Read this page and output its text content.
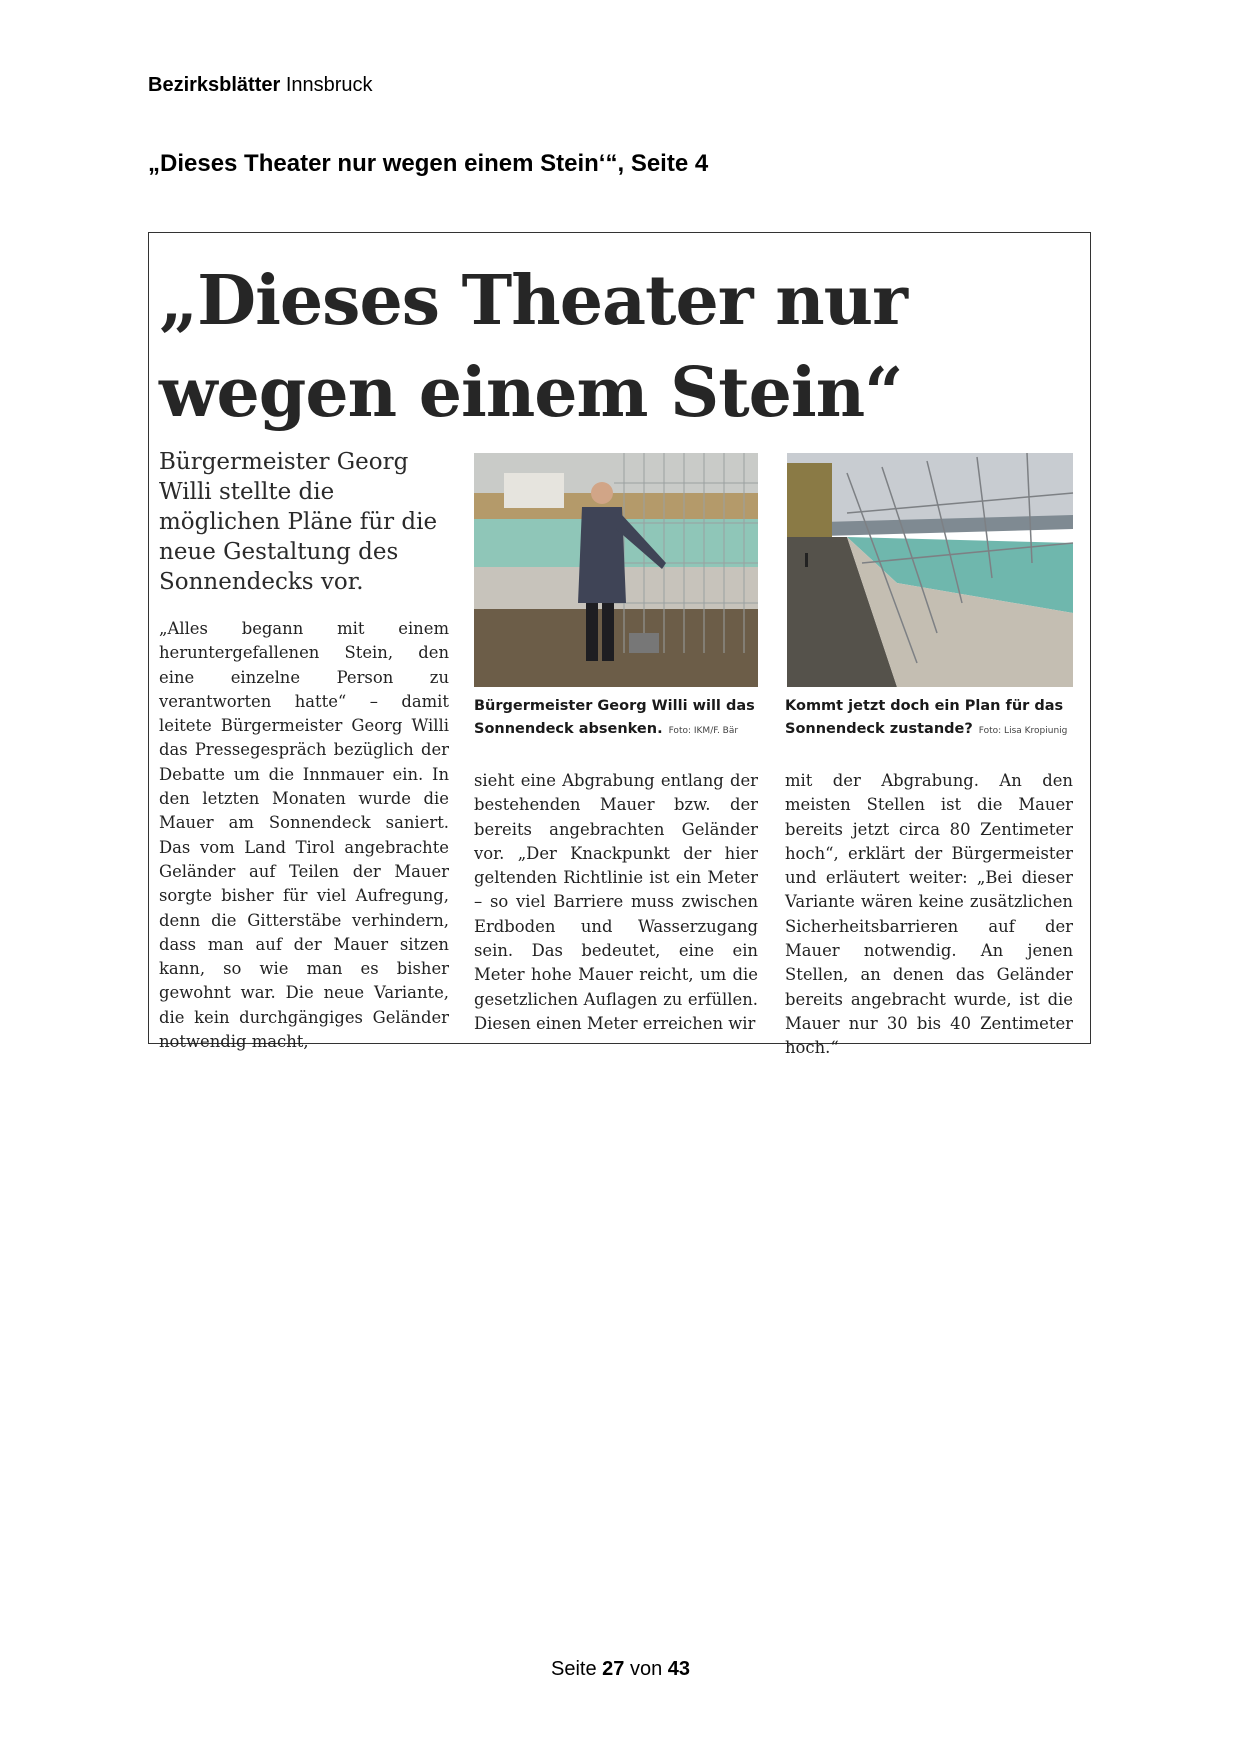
Bezirksblätter Innsbruck
„Dieses Theater nur wegen einem Stein‘“, Seite 4
„Dieses Theater nur
wegen einem Stein“
Bürgermeister Georg Willi stellte die möglichen Pläne für die neue Gestaltung des Sonnendecks vor.
„Alles begann mit einem heruntergefallenen Stein, den eine einzelne Person zu verantworten hatte“ – damit leitete Bürgermeister Georg Willi das Pressegespräch bezüglich der Debatte um die Innmauer ein. In den letzten Monaten wurde die Mauer am Sonnendeck saniert. Das vom Land Tirol angebrachte Geländer auf Teilen der Mauer sorgte bisher für viel Aufregung, denn die Gitterstäbe verhindern, dass man auf der Mauer sitzen kann, so wie man es bisher gewohnt war. Die neue Variante, die kein durchgängiges Geländer notwendig macht,
Bürgermeister Georg Willi will das Sonnendeck absenken. Foto: IKM/F. Bär
Kommt jetzt doch ein Plan für das Sonnendeck zustande? Foto: Lisa Kropiunig
sieht eine Abgrabung entlang der bestehenden Mauer bzw. der bereits angebrachten Geländer vor. „Der Knackpunkt der hier geltenden Richtlinie ist ein Meter – so viel Barriere muss zwischen Erdboden und Wasserzugang sein. Das bedeutet, eine ein Meter hohe Mauer reicht, um die gesetzlichen Auflagen zu erfüllen. Diesen einen Meter erreichen wir
mit der Abgrabung. An den meisten Stellen ist die Mauer bereits jetzt circa 80 Zentimeter hoch“, erklärt der Bürgermeister und erläutert weiter: „Bei dieser Variante wären keine zusätzlichen Sicherheitsbarrieren auf der Mauer notwendig. An jenen Stellen, an denen das Geländer bereits angebracht wurde, ist die Mauer nur 30 bis 40 Zentimeter hoch.“
Seite 27 von 43
